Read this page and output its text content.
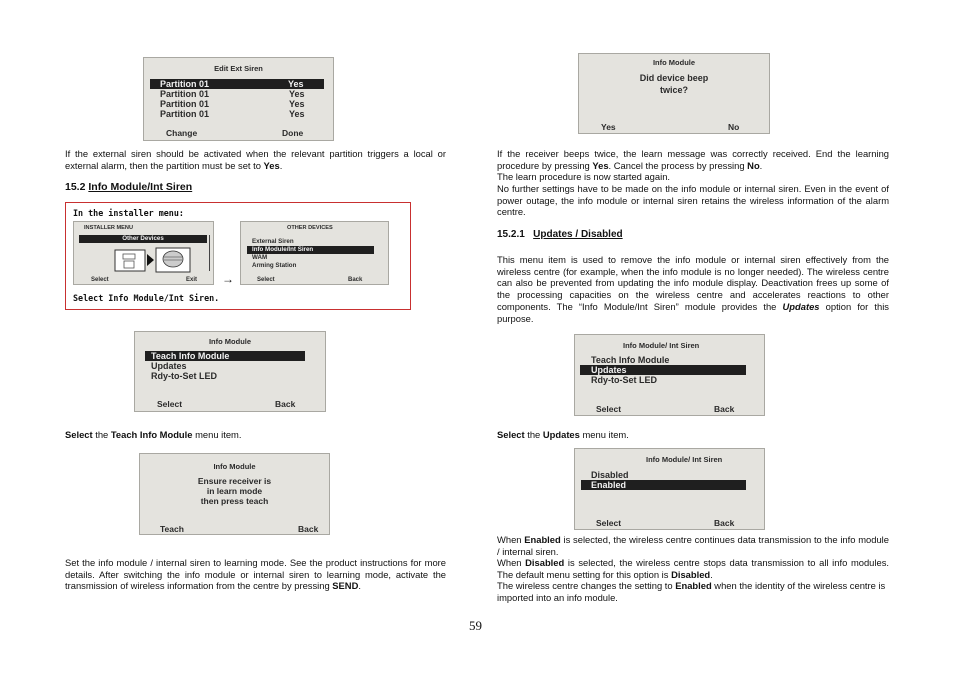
Edit Ext Siren
Partition 01	Yes
Partition 01	Yes
Partition 01	Yes
Partition 01	Yes
Change	Done
If the external siren should be activated when the relevant partition triggers a local or external alarm, then the partition must be set to Yes.
15.2 Info Module/Int Siren
In the installer menu:
INSTALLER MENU
Other Devices
Select	Exit →
OTHER DEVICES
External Siren
Info Module/Int Siren
WAM
Arming Station
Select	Back
Select Info Module/Int Siren.
Info Module
Teach Info Module
Updates
Rdy-to-Set LED
Select	Back
Select the Teach Info Module menu item.
Info Module
Ensure receiver is
in learn mode
then press teach
Teach	Back
Set the info module / internal siren to learning mode. See the product instructions for more details. After switching the info module or internal siren to learning mode, activate the transmission of wireless information from the centre by pressing SEND.
Info Module
Did device beep
twice?
Yes	No
If the receiver beeps twice, the learn message was correctly received. End the learning procedure by pressing Yes. Cancel the process by pressing No.
The learn procedure is now started again.
No further settings have to be made on the info module or internal siren. Even in the event of power outage, the info module or internal siren retains the wireless information of the alarm centre.
15.2.1 Updates / Disabled
This menu item is used to remove the info module or internal siren effectively from the wireless centre (for example, when the info module is no longer needed). The wireless centre can also be prevented from updating the info module display. Deactivation frees up some of the processing capacities on the wireless centre and accelerates reactions to other components. The “Info Module/Int Siren” module provides the Updates option for this purpose.
Info Module/ Int Siren
Teach Info Module
Updates
Rdy-to-Set LED
Select	Back
Select the Updates menu item.
Info Module/ Int Siren
Disabled
Enabled
Select	Back
When Enabled is selected, the wireless centre continues data transmission to the info module / internal siren.
When Disabled is selected, the wireless centre stops data transmission to all info modules. The default menu setting for this option is Disabled.
The wireless centre changes the setting to Enabled when the identity of the wireless centre is imported into an info module.
59
